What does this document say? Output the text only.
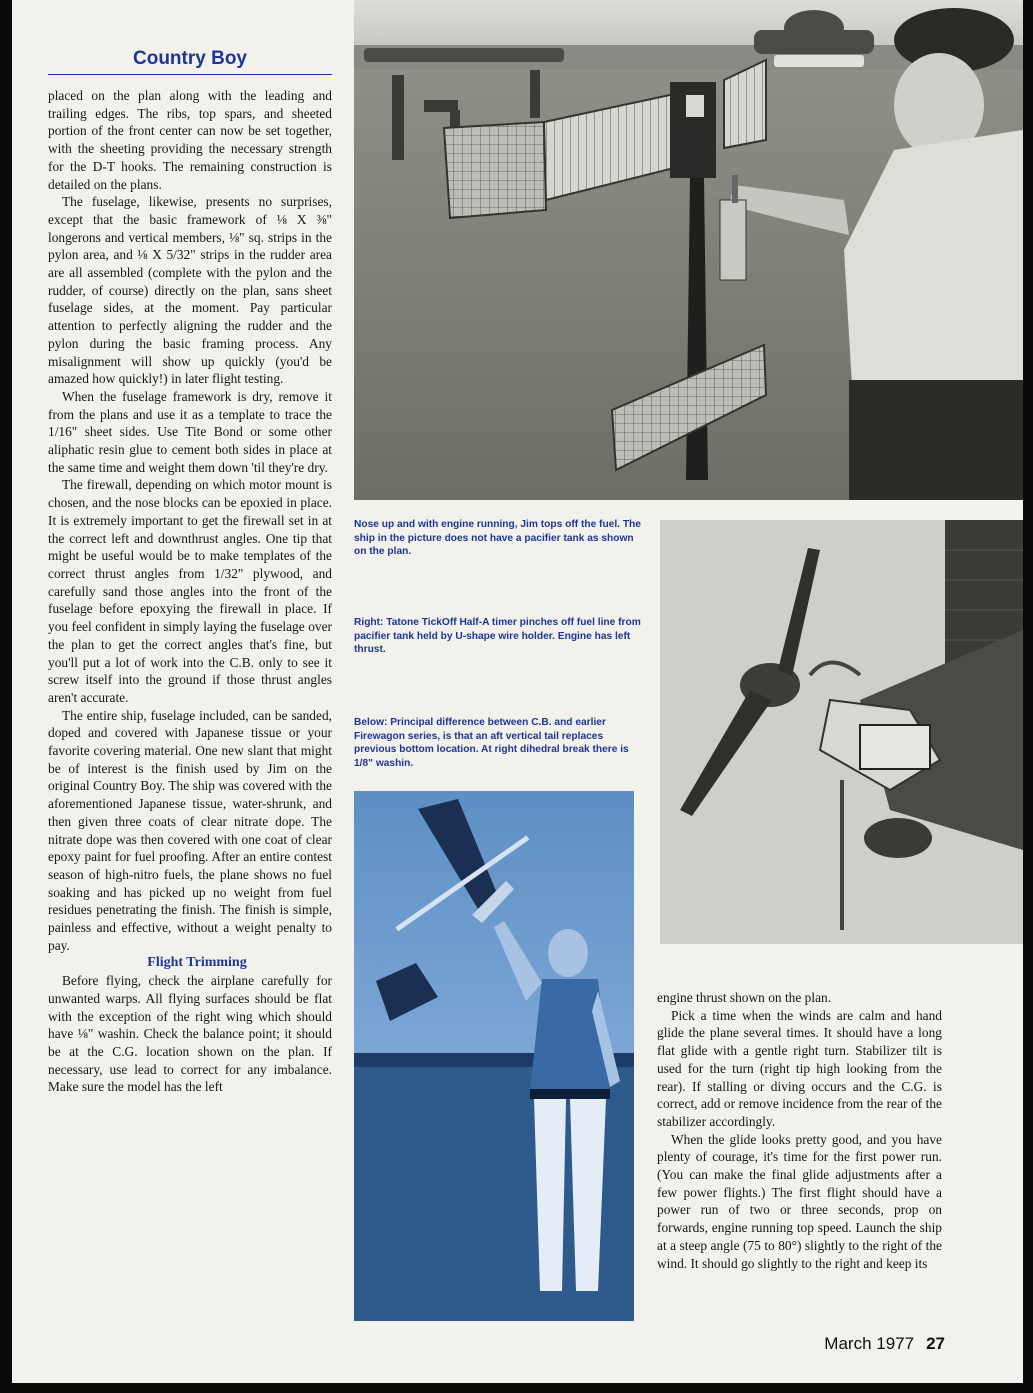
Country Boy

placed on the plan along with the leading and trailing edges. The ribs, top spars, and sheeted portion of the front center can now be set together, with the sheeting providing the necessary strength for the D-T hooks. The remaining construction is detailed on the plans.

The fuselage, likewise, presents no surprises, except that the basic framework of ⅛ X ⅜" longerons and vertical members, ⅛" sq. strips in the pylon area, and ⅛ X 5/32" strips in the rudder area are all assembled (complete with the pylon and the rudder, of course) directly on the plan, sans sheet fuselage sides, at the moment. Pay particular attention to perfectly aligning the rudder and the pylon during the basic framing process. Any misalignment will show up quickly (you'd be amazed how quickly!) in later flight testing.

When the fuselage framework is dry, remove it from the plans and use it as a template to trace the 1/16" sheet sides. Use Tite Bond or some other aliphatic resin glue to cement both sides in place at the same time and weight them down 'til they're dry.

The firewall, depending on which motor mount is chosen, and the nose blocks can be epoxied in place. It is extremely important to get the firewall set in at the correct left and downthrust angles. One tip that might be useful would be to make templates of the correct thrust angles from 1/32" plywood, and carefully sand those angles into the front of the fuselage before epoxying the firewall in place. If you feel confident in simply laying the fuselage over the plan to get the correct angles that's fine, but you'll put a lot of work into the C.B. only to see it screw itself into the ground if those thrust angles aren't accurate.

The entire ship, fuselage included, can be sanded, doped and covered with Japanese tissue or your favorite covering material. One new slant that might be of interest is the finish used by Jim on the original Country Boy. The ship was covered with the aforementioned Japanese tissue, water-shrunk, and then given three coats of clear nitrate dope. The nitrate dope was then covered with one coat of clear epoxy paint for fuel proofing. After an entire contest season of high-nitro fuels, the plane shows no fuel soaking and has picked up no weight from fuel residues penetrating the finish. The finish is simple, painless and effective, without a weight penalty to pay.

Flight Trimming

Before flying, check the airplane carefully for unwanted warps. All flying surfaces should be flat with the exception of the right wing which should have ⅛" washin. Check the balance point; it should be at the C.G. location shown on the plan. If necessary, use lead to correct for any imbalance. Make sure the model has the left

Nose up and with engine running, Jim tops off the fuel. The ship in the picture does not have a pacifier tank as shown on the plan.
Right: Tatone TickOff Half-A timer pinches off fuel line from pacifier tank held by U-shape wire holder. Engine has left thrust.
Below: Principal difference between C.B. and earlier Firewagon series, is that an aft vertical tail replaces previous bottom location. At right dihedral break there is 1/8" washin.

engine thrust shown on the plan.

Pick a time when the winds are calm and hand glide the plane several times. It should have a long flat glide with a gentle right turn. Stabilizer tilt is used for the turn (right tip high looking from the rear). If stalling or diving occurs and the C.G. is correct, add or remove incidence from the rear of the stabilizer accordingly.

When the glide looks pretty good, and you have plenty of courage, it's time for the first power run. (You can make the final glide adjustments after a few power flights.) The first flight should have a power run of two or three seconds, prop on forwards, engine running top speed. Launch the ship at a steep angle (75 to 80°) slightly to the right of the wind. It should go slightly to the right and keep its

March 1977 27
